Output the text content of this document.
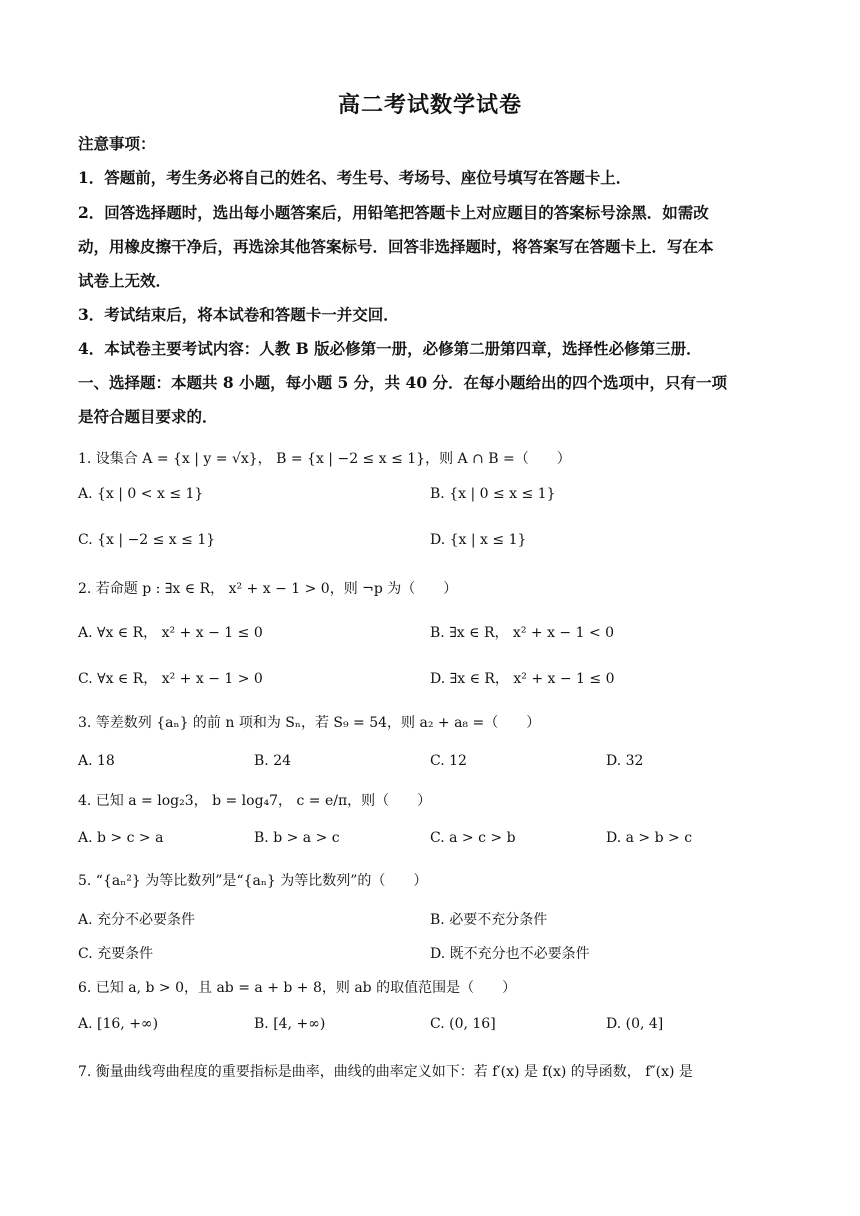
高二考试数学试卷
注意事项：
1．答题前，考生务必将自己的姓名、考生号、考场号、座位号填写在答题卡上．
2．回答选择题时，选出每小题答案后，用铅笔把答题卡上对应题目的答案标号涂黑．如需改
动，用橡皮擦干净后，再选涂其他答案标号．回答非选择题时，将答案写在答题卡上．写在本
试卷上无效．
3．考试结束后，将本试卷和答题卡一并交回．
4．本试卷主要考试内容：人教 B 版必修第一册，必修第二册第四章，选择性必修第三册．
一、选择题：本题共 8 小题，每小题 5 分，共 40 分．在每小题给出的四个选项中，只有一项
是符合题目要求的．
1. 设集合 A = {x | y = √x}， B = {x | −2 ≤ x ≤ 1}，则 A ∩ B =（　　）
A. {x | 0 < x ≤ 1}	B. {x | 0 ≤ x ≤ 1}
C. {x | −2 ≤ x ≤ 1}	D. {x | x ≤ 1}
2. 若命题 p : ∃x ∈ R， x² + x − 1 > 0，则 ¬p 为（　　）
A. ∀x ∈ R， x² + x − 1 ≤ 0	B. ∃x ∈ R， x² + x − 1 < 0
C. ∀x ∈ R， x² + x − 1 > 0	D. ∃x ∈ R， x² + x − 1 ≤ 0
3. 等差数列 {aₙ} 的前 n 项和为 Sₙ，若 S₉ = 54，则 a₂ + a₈ =（　　）
A. 18	B. 24	C. 12	D. 32
4. 已知 a = log₂3， b = log₄7， c = e/π，则（　　）
A. b > c > a	B. b > a > c	C. a > c > b	D. a > b > c
5. “{aₙ²} 为等比数列”是“{aₙ} 为等比数列”的（　　）
A. 充分不必要条件	B. 必要不充分条件
C. 充要条件	D. 既不充分也不必要条件
6. 已知 a, b > 0，且 ab = a + b + 8，则 ab 的取值范围是（　　）
A. [16, +∞)	B. [4, +∞)	C. (0, 16]	D. (0, 4]
7. 衡量曲线弯曲程度的重要指标是曲率，曲线的曲率定义如下：若 f′(x) 是 f(x) 的导函数， f″(x) 是
